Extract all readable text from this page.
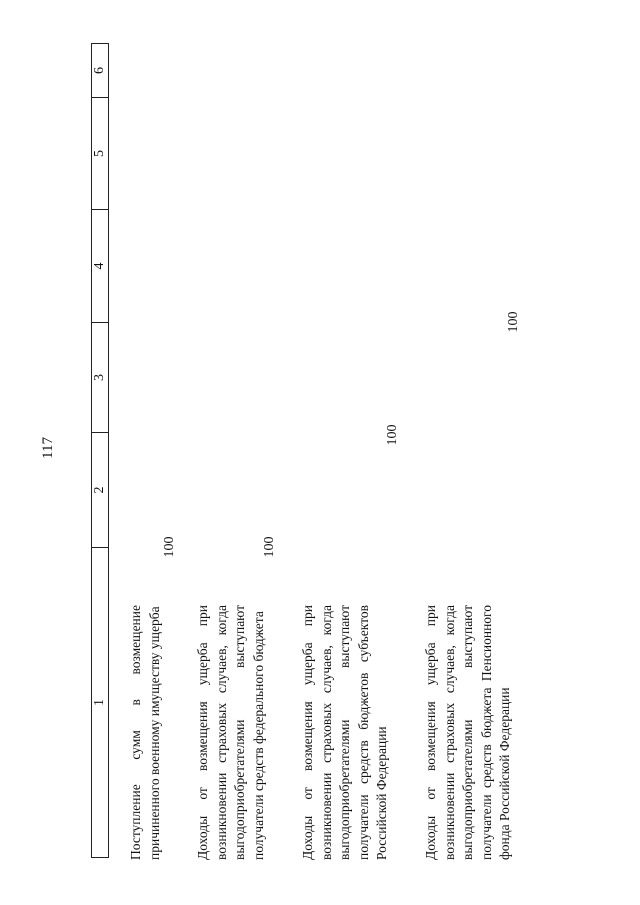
117
1
2
3
4
5
6
Поступление сумм в возмещение причиненного военному имуществу ущерба
100
Доходы от возмещения ущерба при возникновении страховых случаев, когда выгодоприобретателями выступают получатели средств федерального бюджета
100
Доходы от возмещения ущерба при возникновении страховых случаев, когда выгодоприобретателями выступают получатели средств бюджетов субъектов Российской Федерации
100
Доходы от возмещения ущерба при возникновении страховых случаев, когда выгодоприобретателями выступают получатели средств бюджета Пенсионного фонда Российской Федерации
100
